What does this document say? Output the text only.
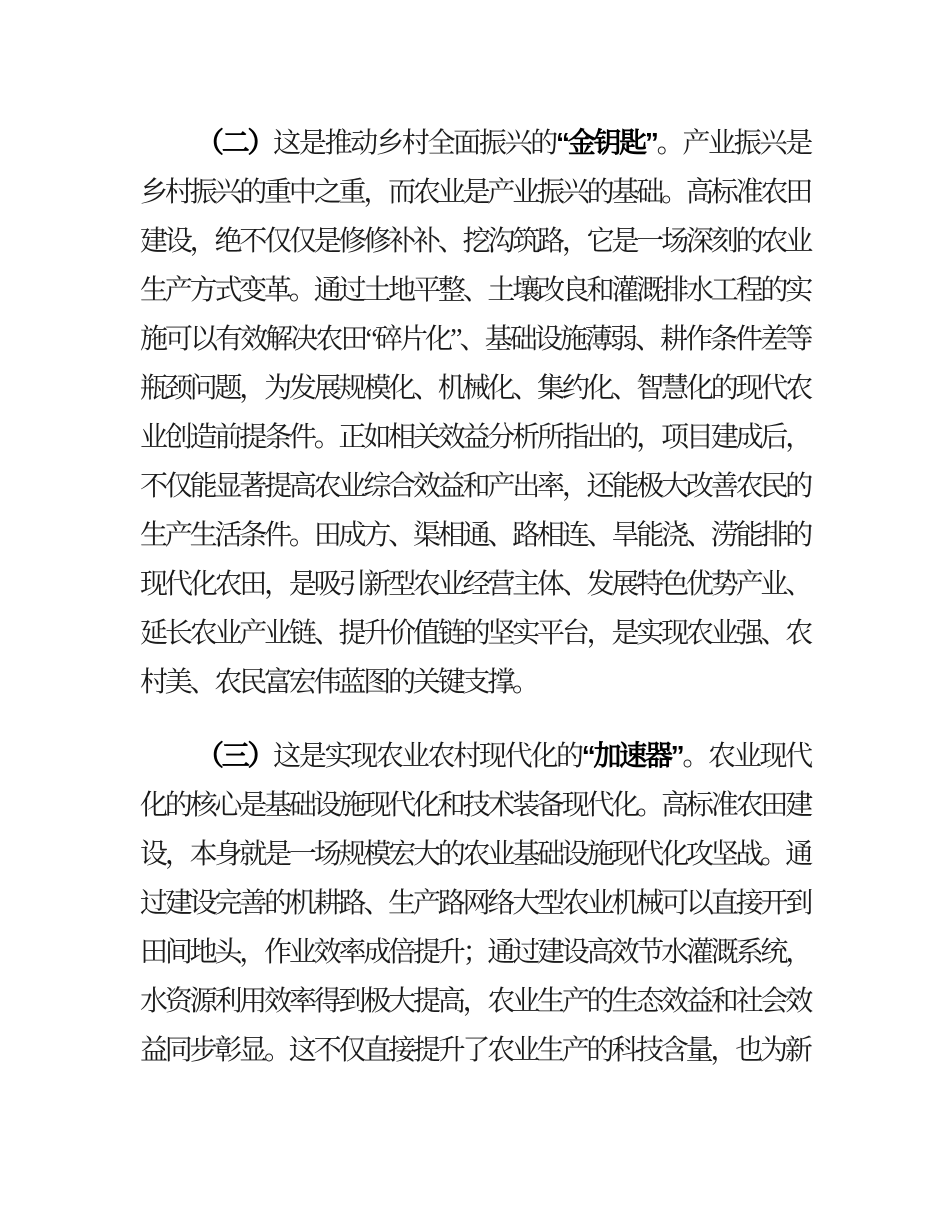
（二）这是推动乡村全面振兴的“金钥匙”。产业振兴是乡村振兴的重中之重，而农业是产业振兴的基础。高标准农田建设，绝不仅仅是修修补补、挖沟筑路，它是一场深刻的农业生产方式变革。通过土地平整、土壤改良和灌溉排水工程的实施可以有效解决农田“碎片化”、基础设施薄弱、耕作条件差等瓶颈问题，为发展规模化、机械化、集约化、智慧化的现代农业创造前提条件。正如相关效益分析所指出的，项目建成后，不仅能显著提高农业综合效益和产出率，还能极大改善农民的生产生活条件。田成方、渠相通、路相连、旱能浇、涝能排的现代化农田，是吸引新型农业经营主体、发展特色优势产业、延长农业产业链、提升价值链的坚实平台，是实现农业强、农村美、农民富宏伟蓝图的关键支撑。

（三）这是实现农业农村现代化的“加速器”。农业现代化的核心是基础设施现代化和技术装备现代化。高标准农田建设，本身就是一场规模宏大的农业基础设施现代化攻坚战。通过建设完善的机耕路、生产路网络大型农业机械可以直接开到田间地头，作业效率成倍提升；通过建设高效节水灌溉系统，水资源利用效率得到极大提高，农业生产的生态效益和社会效益同步彰显。这不仅直接提升了农业生产的科技含量，也为新
